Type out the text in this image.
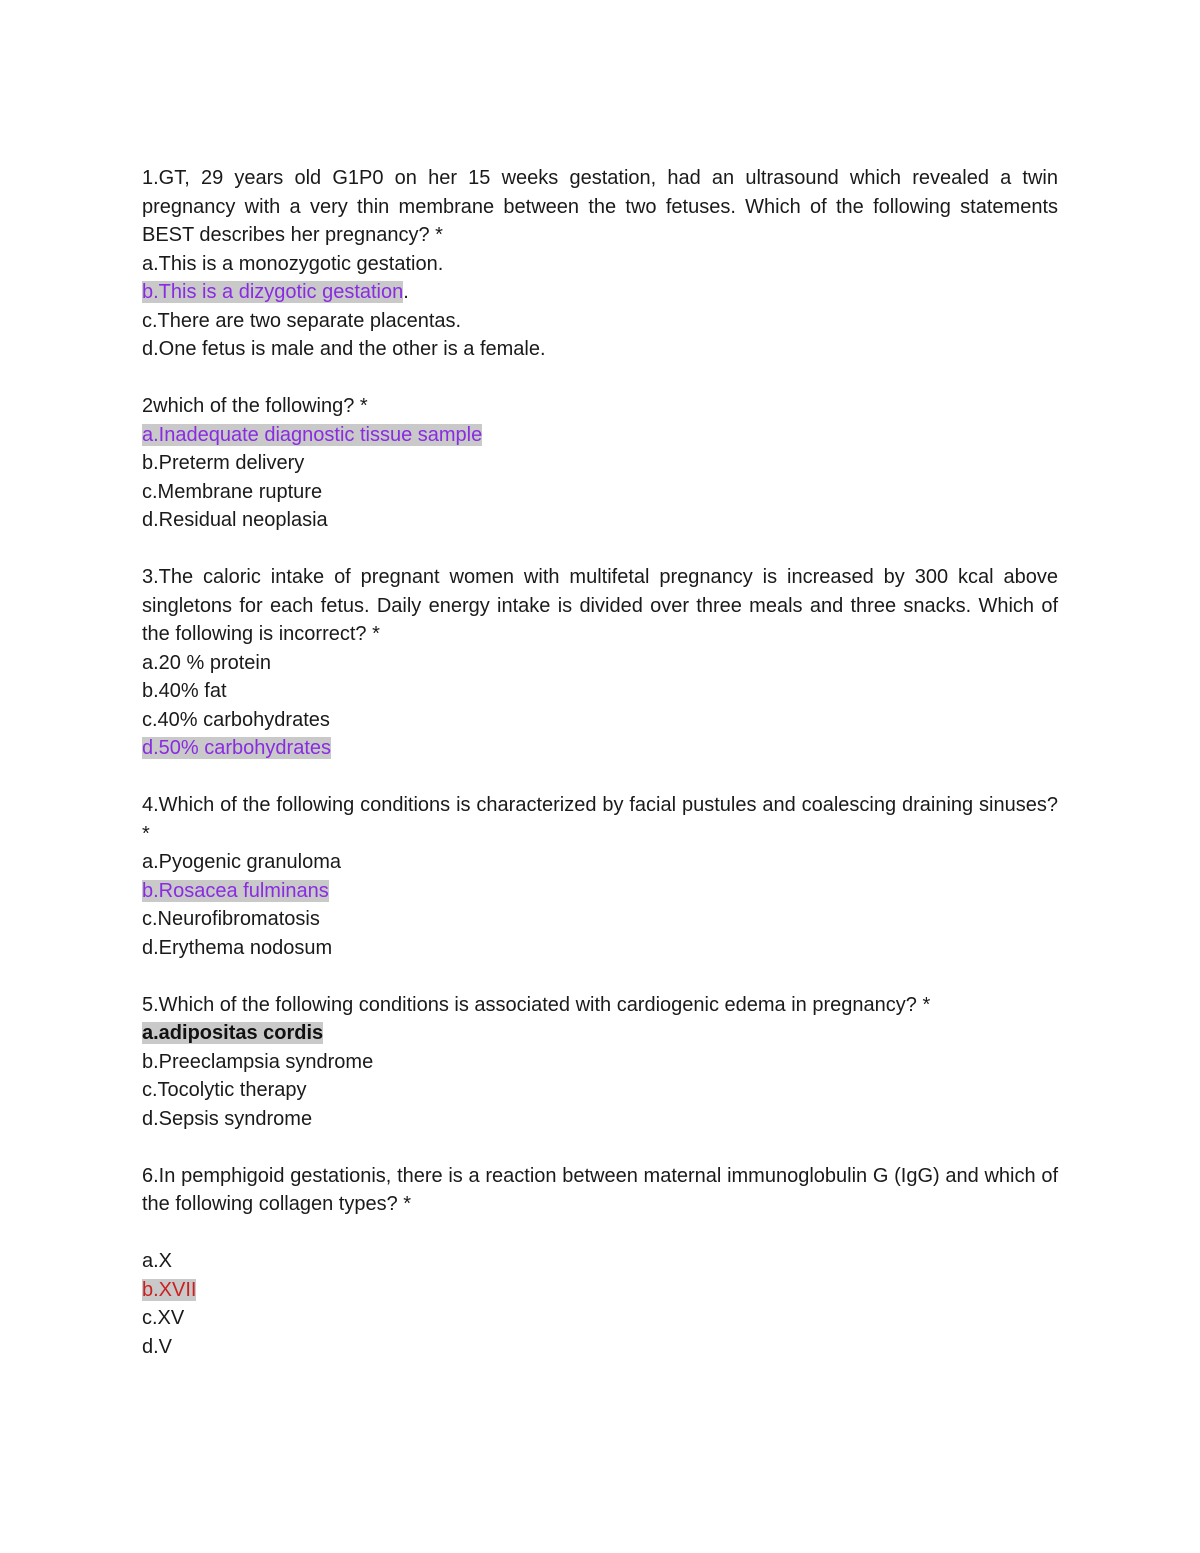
1.GT, 29 years old G1P0 on her 15 weeks gestation, had an ultrasound which revealed a twin pregnancy with a very thin membrane between the two fetuses. Which of the following statements BEST describes her pregnancy? *
a.This is a monozygotic gestation.
b.This is a dizygotic gestation.
c.There are two separate placentas.
d.One fetus is male and the other is a female.
2which of the following? *
a.Inadequate diagnostic tissue sample
b.Preterm delivery
c.Membrane rupture
d.Residual neoplasia
3.The caloric intake of pregnant women with multifetal pregnancy is increased by 300 kcal above singletons for each fetus. Daily energy intake is divided over three meals and three snacks. Which of the following is incorrect? *
a.20 % protein
b.40% fat
c.40% carbohydrates
d.50% carbohydrates
4.Which of the following conditions is characterized by facial pustules and coalescing draining sinuses? *
a.Pyogenic granuloma
b.Rosacea fulminans
c.Neurofibromatosis
d.Erythema nodosum
5.Which of the following conditions is associated with cardiogenic edema in pregnancy? *
a.adipositas cordis
b.Preeclampsia syndrome
c.Tocolytic therapy
d.Sepsis syndrome
6.In pemphigoid gestationis, there is a reaction between maternal immunoglobulin G (IgG) and which of the following collagen types? *
a.X
b.XVII
c.XV
d.V
